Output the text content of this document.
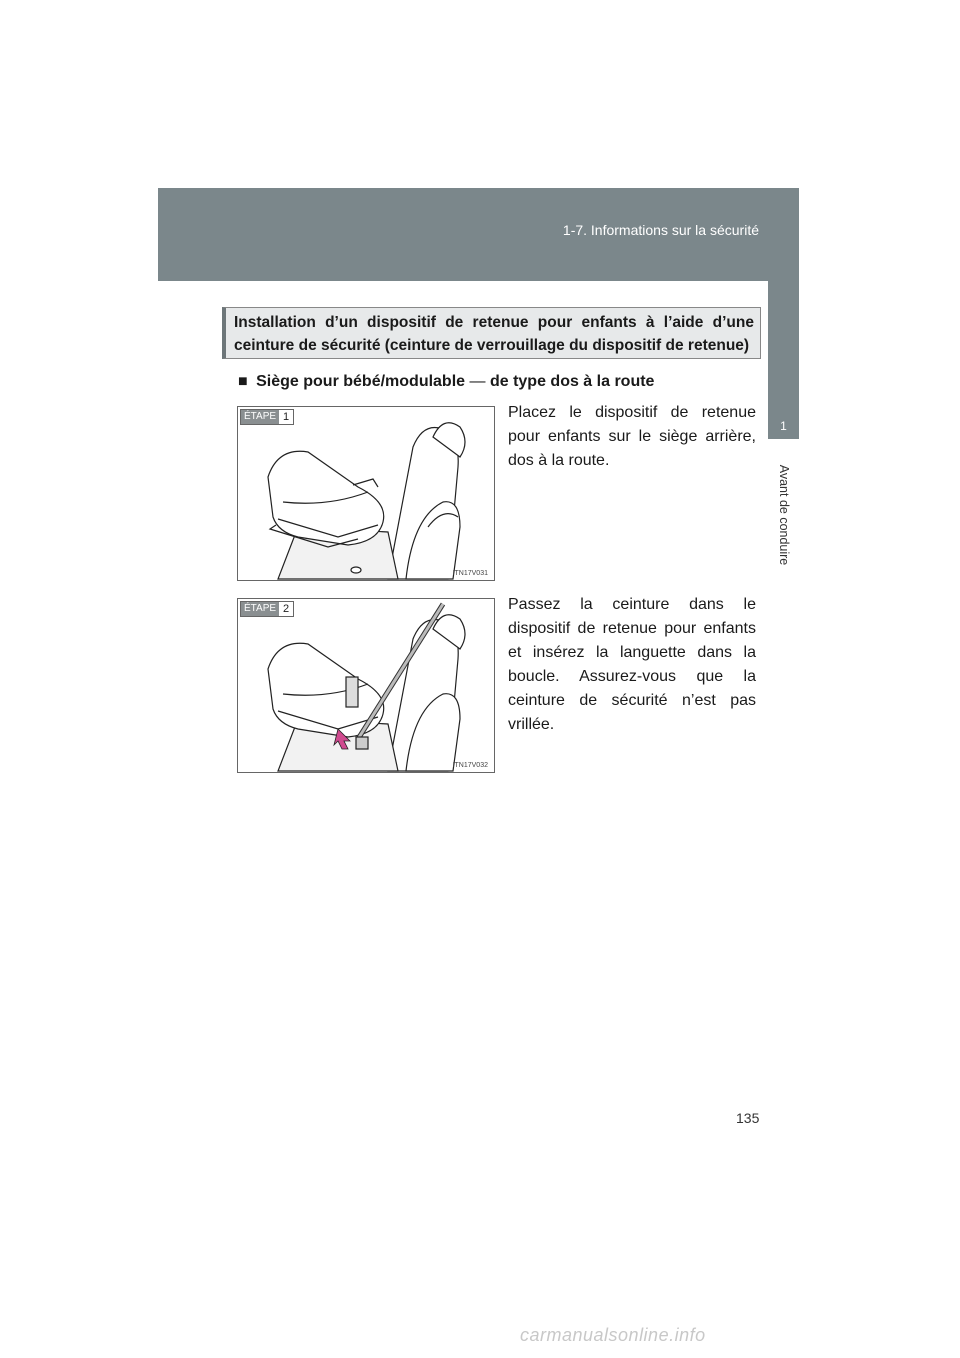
1-7. Informations sur la sécurité
1
Avant de conduire

Installation d’un dispositif de retenue pour enfants à l’aide d’une
ceinture de sécurité (ceinture de verrouillage du dispositif de retenue)

■ Siège pour bébé/modulable — de type dos à la route
ÉTAPE 1
ITN17V031
Placez le dispositif de retenue pour enfants sur le siège arrière, dos à la route.
ÉTAPE 2
ITN17V032
Passez la ceinture dans le dispositif de retenue pour enfants et insérez la languette dans la boucle. Assurez-vous que la ceinture de sécurité n’est pas vrillée.
135
carmanualsonline.info
